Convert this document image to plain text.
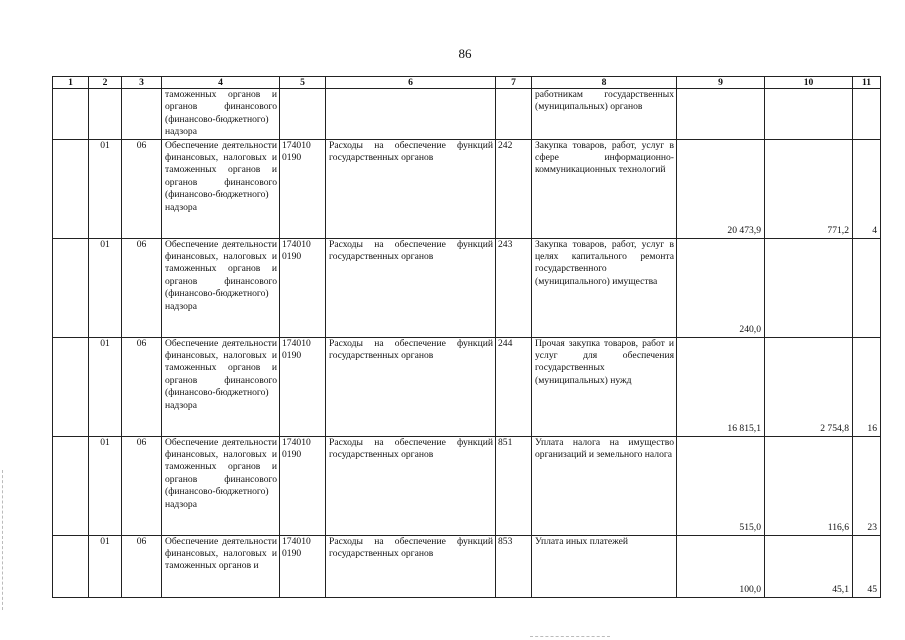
86
1	2	3	4	5	6	7	8	9	10	11
			таможенных органов и органов финансового (финансово-бюджетного) надзора				работникам государственных (муниципальных) органов			
	01	06	Обеспечение деятельности финансовых, налоговых и таможенных органов и органов финансового (финансово-бюджетного) надзора	174010 0190	Расходы на обеспечение функций государственных органов	242	Закупка товаров, работ, услуг в сфере информационно-коммуникационных технологий	20 473,9	771,2	4
	01	06	Обеспечение деятельности финансовых, налоговых и таможенных органов и органов финансового (финансово-бюджетного) надзора	174010 0190	Расходы на обеспечение функций государственных органов	243	Закупка товаров, работ, услуг в целях капитального ремонта государственного (муниципального) имущества	240,0		
	01	06	Обеспечение деятельности финансовых, налоговых и таможенных органов и органов финансового (финансово-бюджетного) надзора	174010 0190	Расходы на обеспечение функций государственных органов	244	Прочая закупка товаров, работ и услуг для обеспечения государственных (муниципальных) нужд	16 815,1	2 754,8	16
	01	06	Обеспечение деятельности финансовых, налоговых и таможенных органов и органов финансового (финансово-бюджетного) надзора	174010 0190	Расходы на обеспечение функций государственных органов	851	Уплата налога на имущество организаций и земельного налога	515,0	116,6	23
	01	06	Обеспечение деятельности финансовых, налоговых и таможенных органов и	174010 0190	Расходы на обеспечение функций государственных органов	853	Уплата иных платежей	100,0	45,1	45
